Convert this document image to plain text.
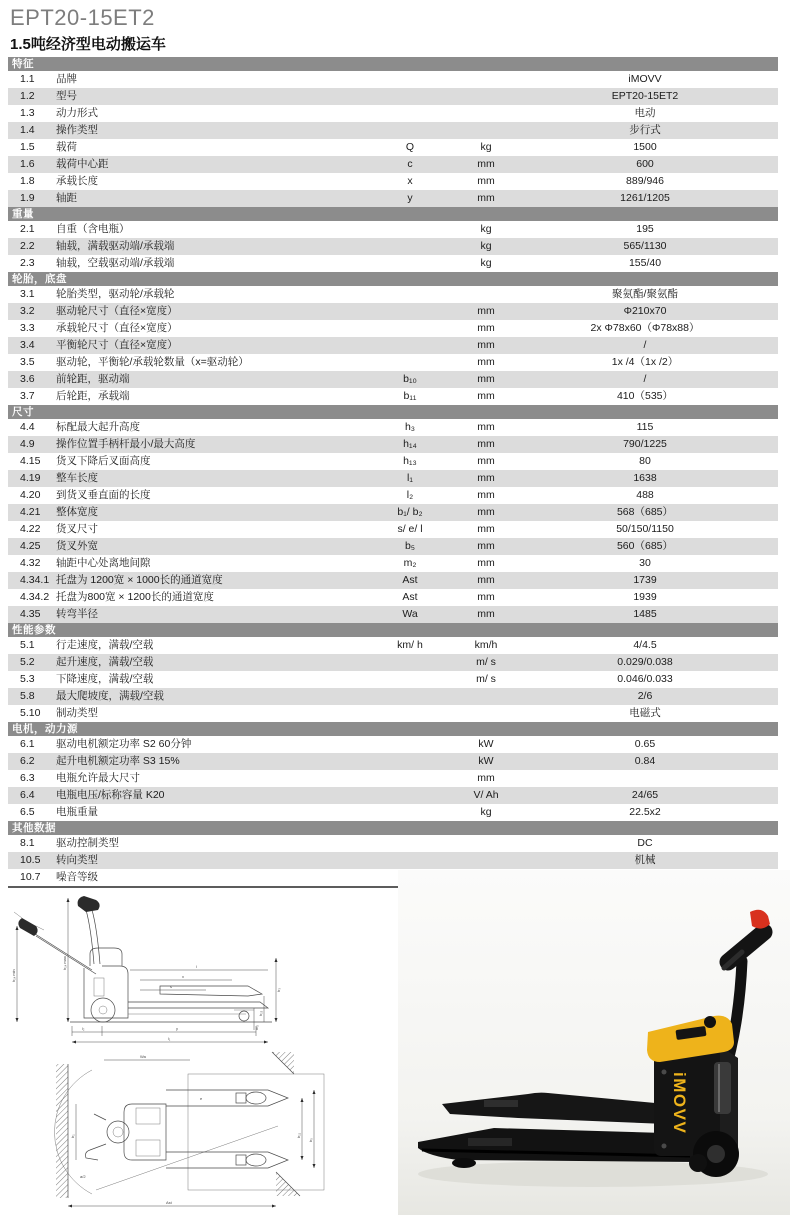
EPT20-15ET2
1.5吨经济型电动搬运车
特征
1.1	品牌	iMOVV
1.2	型号	EPT20-15ET2
1.3	动力形式	电动
1.4	操作类型	步行式
1.5	载荷	Q	kg	1500
1.6	载荷中心距	c	mm	600
1.8	承载长度	x	mm	889/946
1.9	轴距	y	mm	1261/1205
重量
2.1	自重（含电瓶）	kg	195
2.2	轴载，满载驱动端/承载端	kg	565/1130
2.3	轴载，空载驱动端/承载端	kg	155/40
轮胎，底盘
3.1	轮胎类型，驱动轮/承载轮	聚氨酯/聚氨酯
3.2	驱动轮尺寸（直径×宽度）	mm	Φ210x70
3.3	承载轮尺寸（直径×宽度）	mm	2x Φ78x60（Φ78x88）
3.4	平衡轮尺寸（直径×宽度）	mm	/
3.5	驱动轮，平衡轮/承载轮数量（x=驱动轮）	mm	1x /4（1x /2）
3.6	前轮距，驱动端	b₁₀	mm	/
3.7	后轮距，承载端	b₁₁	mm	410（535）
尺寸
4.4	标配最大起升高度	h₃	mm	115
4.9	操作位置手柄杆最小/最大高度	h₁₄	mm	790/1225
4.15	货叉下降后叉面高度	h₁₃	mm	80
4.19	整车长度	l₁	mm	1638
4.20	到货叉垂直面的长度	l₂	mm	488
4.21	整体宽度	b₁/ b₂	mm	568（685）
4.22	货叉尺寸	s/ e/ l	mm	50/150/1150
4.25	货叉外宽	b₅	mm	560（685）
4.32	轴距中心处离地间隙	m₂	mm	30
4.34.1 托盘为 1200宽 × 1000长的通道宽度	Ast	mm	1739
4.34.2 托盘为800宽 × 1200长的通道宽度	Ast	mm	1939
4.35	转弯半径	Wa	mm	1485
性能参数
5.1	行走速度，满载/空载	km/ h	km/h	4/4.5
5.2	起升速度，满载/空载	m/ s	0.029/0.038
5.3	下降速度，满载/空载	m/ s	0.046/0.033
5.8	最大爬坡度，满载/空载	2/6
5.10	制动类型	电磁式
电机，动力源
6.1	驱动电机额定功率 S2 60分钟	kW	0.65
6.2	起升电机额定功率 S3 15%	kW	0.84
6.3	电瓶允许最大尺寸	mm
6.4	电瓶电压/标称容量 K20	V/ Ah	24/65
6.5	电瓶重量	kg	22.5x2
其他数据
8.1	驱动控制类型	DC
10.5	转向类型	机械
10.7	噪音等级
h₁₄ min
h₁₄ max	l
x
s
h₃
h₁₃
m₂
l₂	y
l₁
b₁
Wa
e
b₁₁
b₅
a/2
Ast
iMOVV
